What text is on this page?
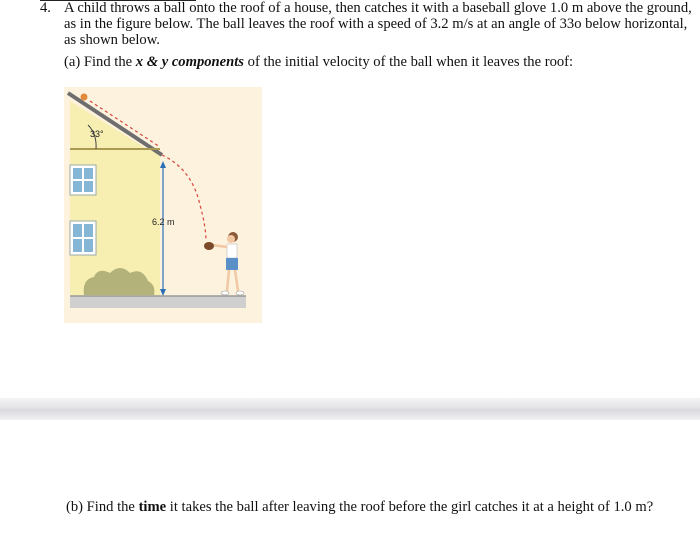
4. A child throws a ball onto the roof of a house, then catches it with a baseball glove 1.0 m above the ground, as in the figure below. The ball leaves the roof with a speed of 3.2 m/s at an angle of 33o below horizontal, as shown below.
(a) Find the x & y components of the initial velocity of the ball when it leaves the roof:
33°
6.2 m
(b) Find the time it takes the ball after leaving the roof before the girl catches it at a height of 1.0 m?
